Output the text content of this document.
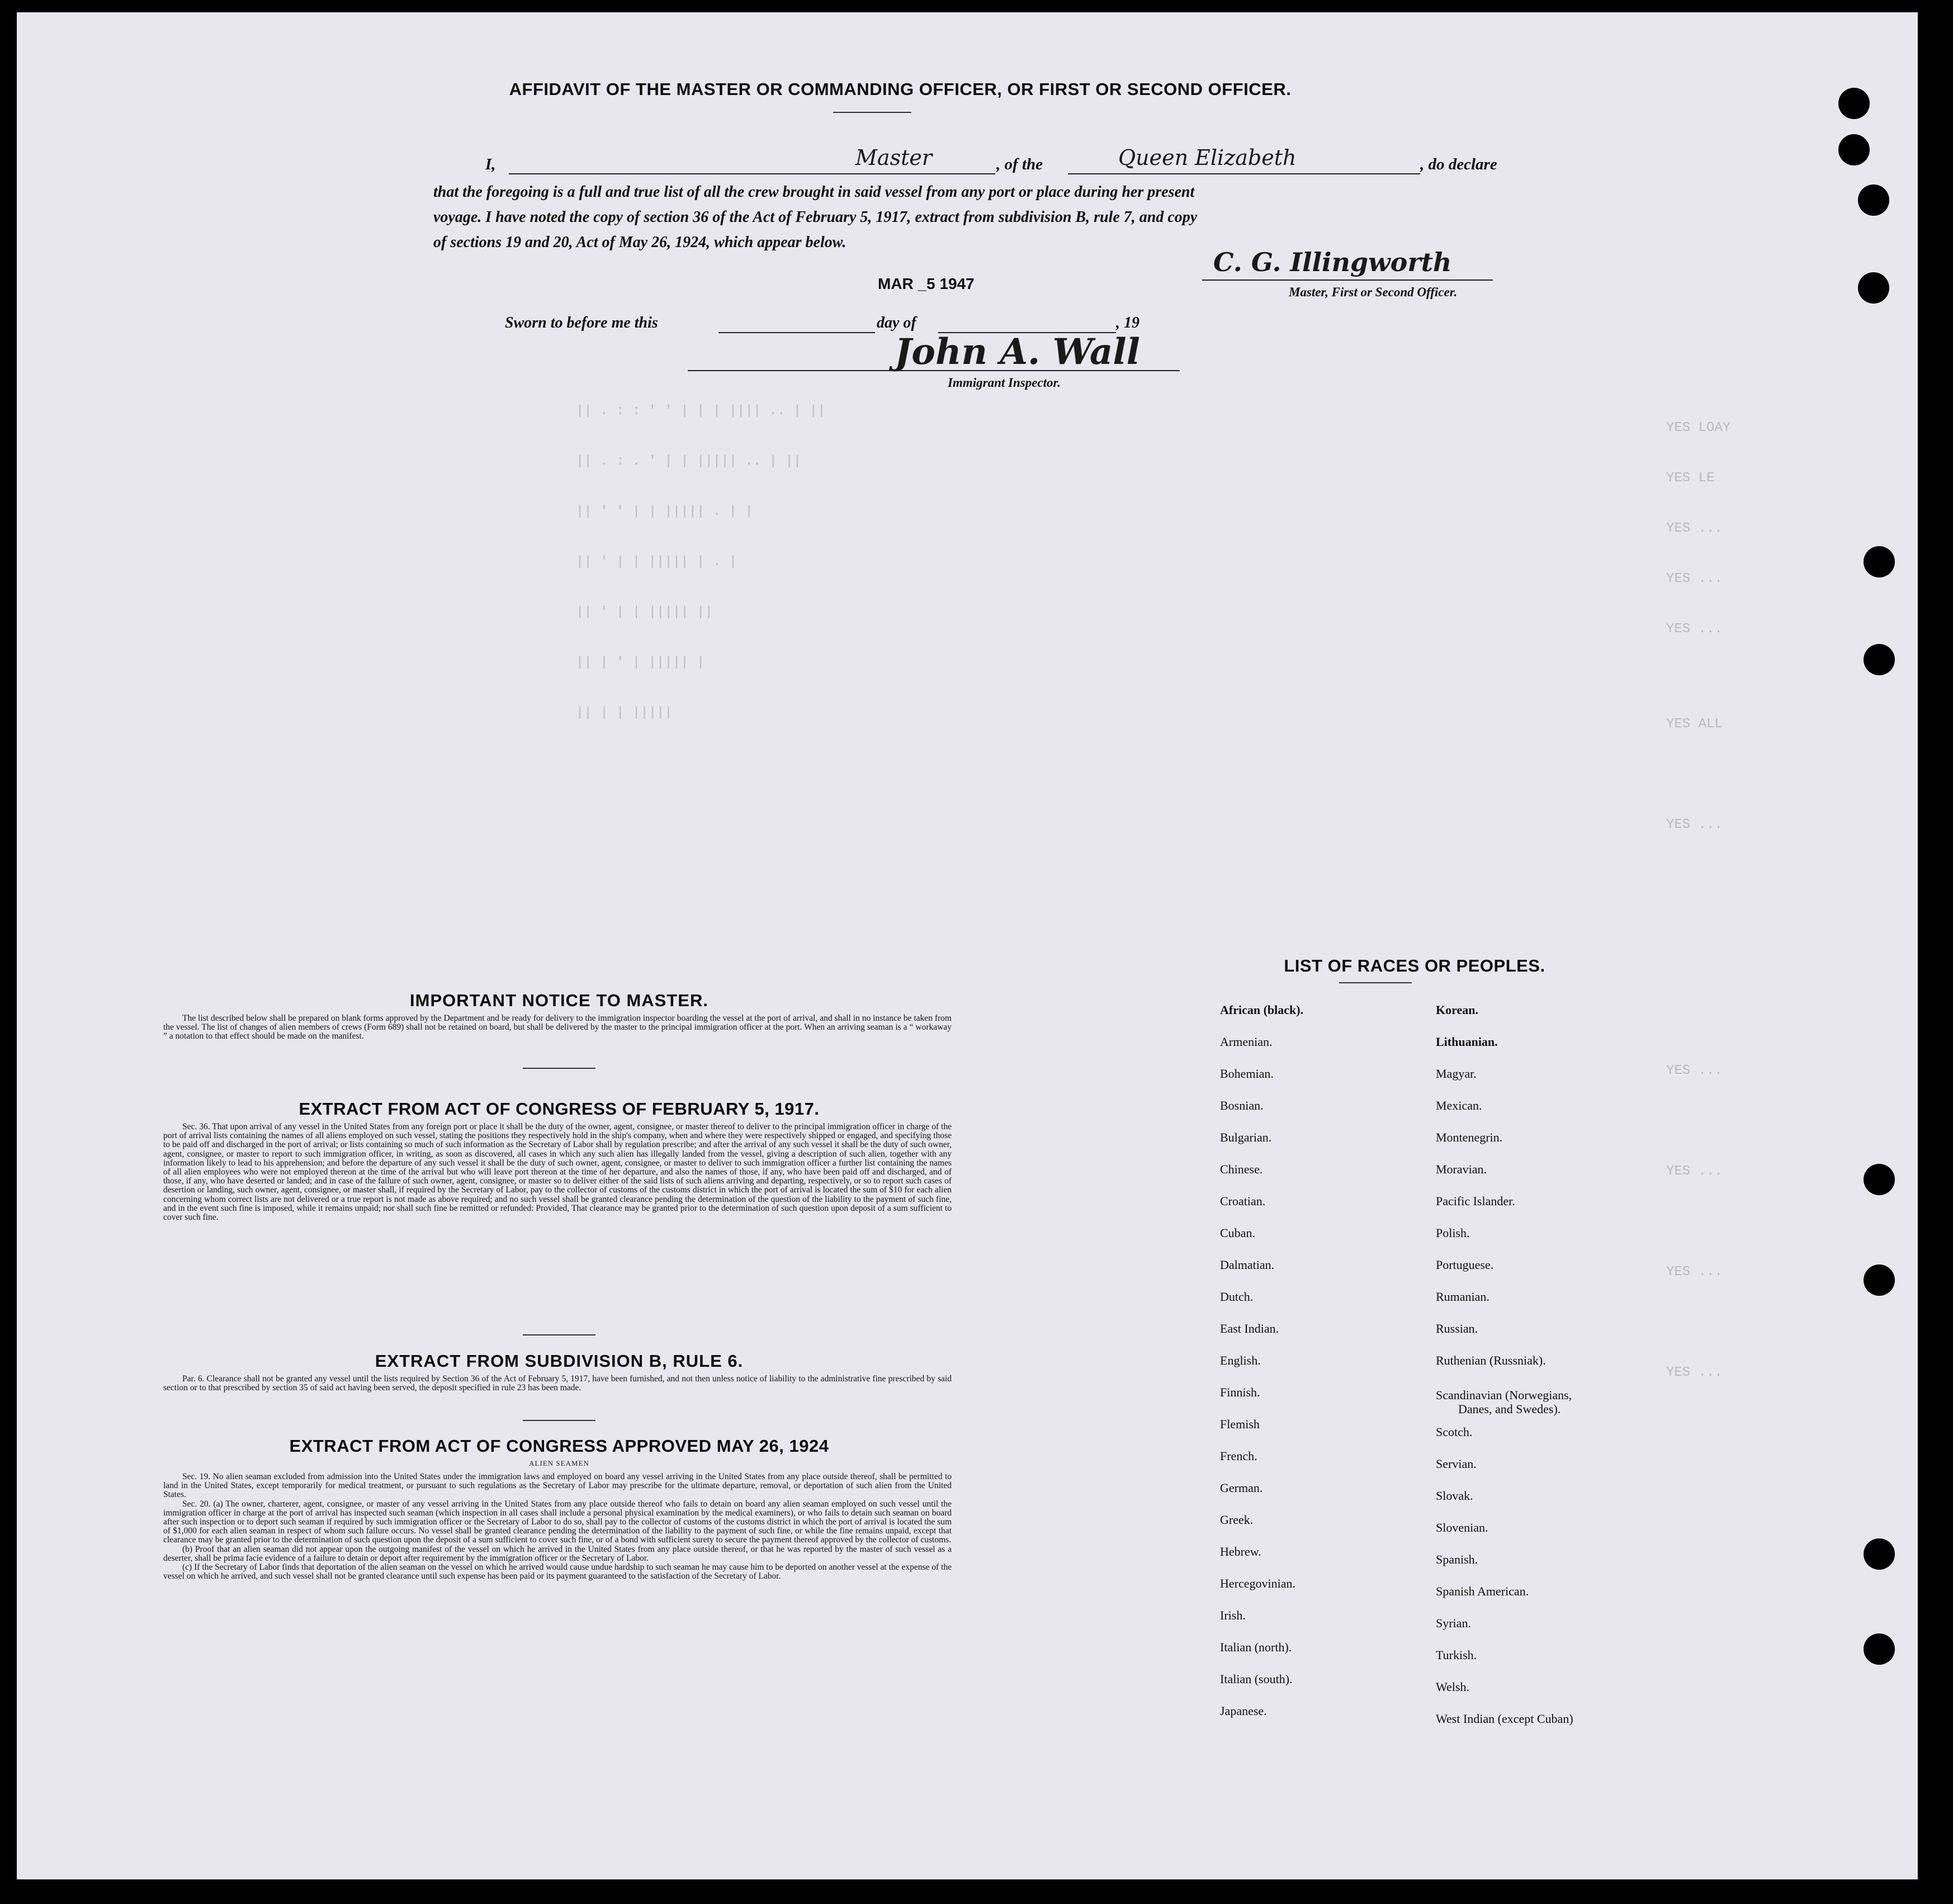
|| . : : ' ' | | | |||| .. | ||
|| . : . ' | | ||||| .. | ||
|| ' ' | | ||||| . | |
|| ' | | ||||| | . |
|| ' | | ||||| ||
|| | ' | ||||| |
|| | | |||||
YES LOAY
YES LE
YES ...
YES ...
YES ...
YES ALL
YES ...
YES ...
YES ...
YES ...
YES ...
AFFIDAVIT OF THE MASTER OR COMMANDING OFFICER, OR FIRST OR SECOND OFFICER.
I,	Master	, of the	Queen Elizabeth	, do declare
that the foregoing is a full and true list of all the crew brought in said vessel from any port or place during her present
voyage. I have noted the copy of section 36 of the Act of February 5, 1917, extract from subdivision B, rule 7, and copy
of sections 19 and 20, Act of May 26, 1924, which appear below.
MAR _5 1947
C. G. Illingworth
Master, First or Second Officer.
Sworn to before me this	day of	, 19
John A. Wall
Immigrant Inspector.
IMPORTANT NOTICE TO MASTER.

The list described below shall be prepared on blank forms approved by the Department and be ready for delivery to the immigration inspector boarding the vessel at the port of arrival, and shall in no instance be taken from the vessel. The list of changes of alien members of crews (Form 689) shall not be retained on board, but shall be delivered by the master to the principal immigration officer at the port. When an arriving seaman is a “ workaway ” a notation to that effect should be made on the manifest.

EXTRACT FROM ACT OF CONGRESS OF FEBRUARY 5, 1917.

Sec. 36. That upon arrival of any vessel in the United States from any foreign port or place it shall be the duty of the owner, agent, consignee, or master thereof to deliver to the principal immigration officer in charge of the port of arrival lists containing the names of all aliens employed on such vessel, stating the positions they respectively hold in the ship's company, when and where they were respectively shipped or engaged, and specifying those to be paid off and discharged in the port of arrival; or lists containing so much of such information as the Secretary of Labor shall by regulation prescribe; and after the arrival of any such vessel it shall be the duty of such owner, agent, consignee, or master to report to such immigration officer, in writing, as soon as discovered, all cases in which any such alien has illegally landed from the vessel, giving a description of such alien, together with any information likely to lead to his apprehension; and before the departure of any such vessel it shall be the duty of such owner, agent, consignee, or master to deliver to such immigration officer a further list containing the names of all alien employees who were not employed thereon at the time of the arrival but who will leave port thereon at the time of her departure, and also the names of those, if any, who have been paid off and discharged, and of those, if any, who have deserted or landed; and in case of the failure of such owner, agent, consignee, or master so to deliver either of the said lists of such aliens arriving and departing, respectively, or so to report such cases of desertion or landing, such owner, agent, consignee, or master shall, if required by the Secretary of Labor, pay to the collector of customs of the customs district in which the port of arrival is located the sum of $10 for each alien concerning whom correct lists are not delivered or a true report is not made as above required; and no such vessel shall be granted clearance pending the determination of the question of the liability to the payment of such fine, and in the event such fine is imposed, while it remains unpaid; nor shall such fine be remitted or refunded: Provided, That clearance may be granted prior to the determination of such question upon deposit of a sum sufficient to cover such fine.

EXTRACT FROM SUBDIVISION B, RULE 6.

Par. 6. Clearance shall not be granted any vessel until the lists required by Section 36 of the Act of February 5, 1917, have been furnished, and not then unless notice of liability to the administrative fine prescribed by said section or to that prescribed by section 35 of said act having been served, the deposit specified in rule 23 has been made.

EXTRACT FROM ACT OF CONGRESS APPROVED MAY 26, 1924
ALIEN SEAMEN

Sec. 19. No alien seaman excluded from admission into the United States under the immigration laws and employed on board any vessel arriving in the United States from any place outside thereof, shall be permitted to land in the United States, except temporarily for medical treatment, or pursuant to such regulations as the Secretary of Labor may prescribe for the ultimate departure, removal, or deportation of such alien from the United States.

Sec. 20. (a) The owner, charterer, agent, consignee, or master of any vessel arriving in the United States from any place outside thereof who fails to detain on board any alien seaman employed on such vessel until the immigration officer in charge at the port of arrival has inspected such seaman (which inspection in all cases shall include a personal physical examination by the medical examiners), or who fails to detain such seaman on board after such inspection or to deport such seaman if required by such immigration officer or the Secretary of Labor to do so, shall pay to the collector of customs of the customs district in which the port of arrival is located the sum of $1,000 for each alien seaman in respect of whom such failure occurs. No vessel shall be granted clearance pending the determination of the liability to the payment of such fine, or while the fine remains unpaid, except that clearance may be granted prior to the determination of such question upon the deposit of a sum sufficient to cover such fine, or of a bond with sufficient surety to secure the payment thereof approved by the collector of customs.

(b) Proof that an alien seaman did not appear upon the outgoing manifest of the vessel on which he arrived in the United States from any place outside thereof, or that he was reported by the master of such vessel as a deserter, shall be prima facie evidence of a failure to detain or deport after requirement by the immigration officer or the Secretary of Labor.

(c) If the Secretary of Labor finds that deportation of the alien seaman on the vessel on which he arrived would cause undue hardship to such seaman he may cause him to be deported on another vessel at the expense of the vessel on which he arrived, and such vessel shall not be granted clearance until such expense has been paid or its payment guaranteed to the satisfaction of the Secretary of Labor.

LIST OF RACES OR PEOPLES.
African (black).
Armenian.
Bohemian.
Bosnian.
Bulgarian.
Chinese.
Croatian.
Cuban.
Dalmatian.
Dutch.
East Indian.
English.
Finnish.
Flemish
French.
German.
Greek.
Hebrew.
Hercegovinian.
Irish.
Italian (north).
Italian (south).
Japanese.
Korean.
Lithuanian.
Magyar.
Mexican.
Montenegrin.
Moravian.
Pacific Islander.
Polish.
Portuguese.
Rumanian.
Russian.
Ruthenian (Russniak).
Scandinavian (Norwegians,
Danes, and Swedes).
Scotch.
Servian.
Slovak.
Slovenian.
Spanish.
Spanish American.
Syrian.
Turkish.
Welsh.
West Indian (except Cuban)
